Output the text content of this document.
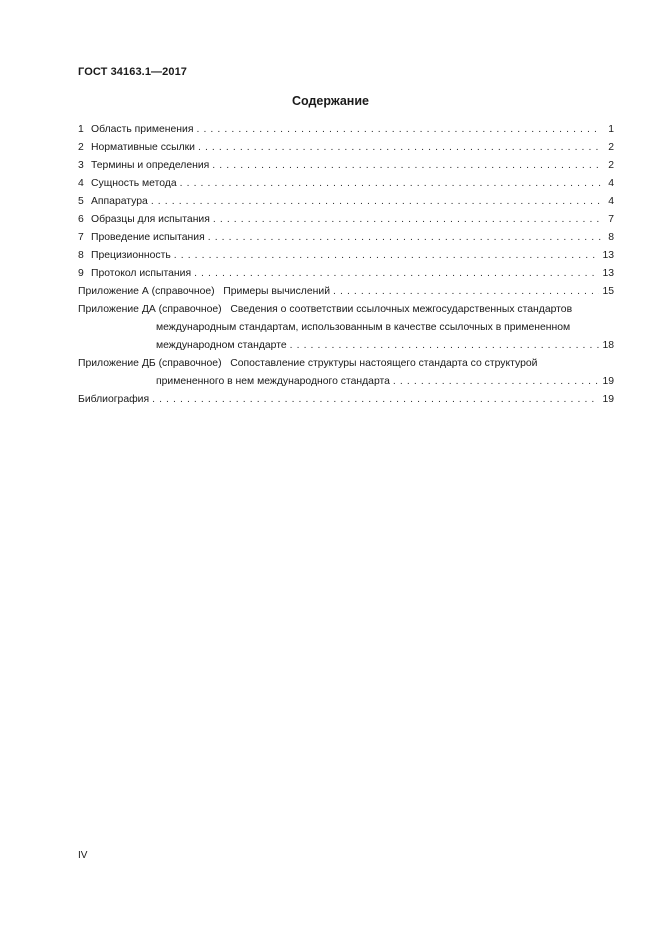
ГОСТ 34163.1—2017
Содержание
1 Область применения . . .	1
2 Нормативные ссылки . . .	2
3 Термины и определения . . .	2
4 Сущность метода . . .	4
5 Аппаратура . . .	4
6 Образцы для испытания . . .	7
7 Проведение испытания . . .	8
8 Прецизионность . . .	13
9 Протокол испытания . . .	13
Приложение А (справочное) Примеры вычислений . . .	15
Приложение ДА (справочное) Сведения о соответствии ссылочных межгосударственных стандартов
международным стандартам, использованным в качестве ссылочных в примененном
международном стандарте . . .	18
Приложение ДБ (справочное) Сопоставление структуры настоящего стандарта со структурой
примененного в нем международного стандарта . . .	19
Библиография . . .	19
IV
